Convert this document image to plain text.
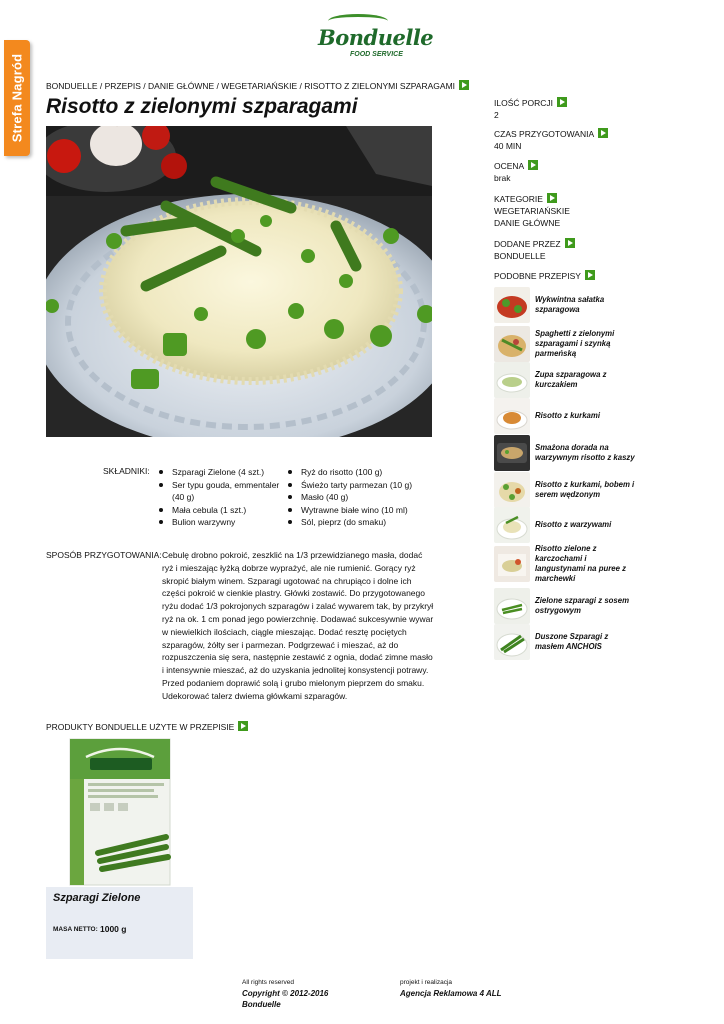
Strefa Nagród
Bonduelle
FOOD SERVICE
BONDUELLE / PRZEPIS / DANIE GŁÓWNE / WEGETARIAŃSKIE / RISOTTO Z ZIELONYMI SZPARAGAMI
Risotto z zielonymi szparagami
SKŁADNIKI:	Szparagi Zielone (4 szt.)
Ser typu gouda, emmentaler (40 g)
Mała cebula (1 szt.)
Bulion warzywny
Ryż do risotto (100 g)
Świeżo tarty parmezan (10 g)
Masło (40 g)
Wytrawne białe wino (10 ml)
Sól, pieprz (do smaku)
SPOSÓB PRZYGOTOWANIA: Cebulę drobno pokroić, zeszklić na 1/3 przewidzianego masła, dodać ryż i mieszając łyżką dobrze wyprażyć, ale nie rumienić. Gorący ryż skropić białym winem. Szparagi ugotować na chrupiąco i dolne ich części pokroić w cienkie plastry. Główki zostawić. Do przygotowanego ryżu dodać 1/3 pokrojonych szparagów i zalać wywarem tak, by przykrył ryż na ok. 1 cm ponad jego powierzchnię. Dodawać sukcesywnie wywar w niewielkich ilościach, ciągle mieszając. Dodać resztę pociętych szparagów, żółty ser i parmezan. Podgrzewać i mieszać, aż do rozpuszczenia się sera, następnie zestawić z ognia, dodać zimne masło i intensywnie mieszać, aż do uzyskania jednolitej konsystencji potrawy. Przed podaniem doprawić solą i grubo mielonym pieprzem do smaku. Udekorować talerz dwiema główkami szparagów.

PRODUKTY BONDUELLE UŻYTE W PRZEPISIE
Szparagi Zielone
MASA NETTO: 1000 g
ILOŚĆ PORCJI
2
CZAS PRZYGOTOWANIA
40 MIN
OCENA
brak
KATEGORIE
WEGETARIAŃSKIE
DANIE GŁÓWNE
DODANE PRZEZ
BONDUELLE
PODOBNE PRZEPISY
Wykwintna sałatka szparagowa
Spaghetti z zielonymi szparagami i szynką parmeńską
Zupa szparagowa z kurczakiem
Risotto z kurkami
Smażona dorada na warzywnym risotto z kaszy
Risotto z kurkami, bobem i serem wędzonym
Risotto z warzywami
Risotto zielone z karczochami i langustynami na puree z marchewki
Zielone szparagi z sosem ostrygowym
Duszone Szparagi z masłem ANCHOIS
All rights reserved
Copyright © 2012-2016
Bonduelle
projekt i realizacja
Agencja Reklamowa 4 ALL
